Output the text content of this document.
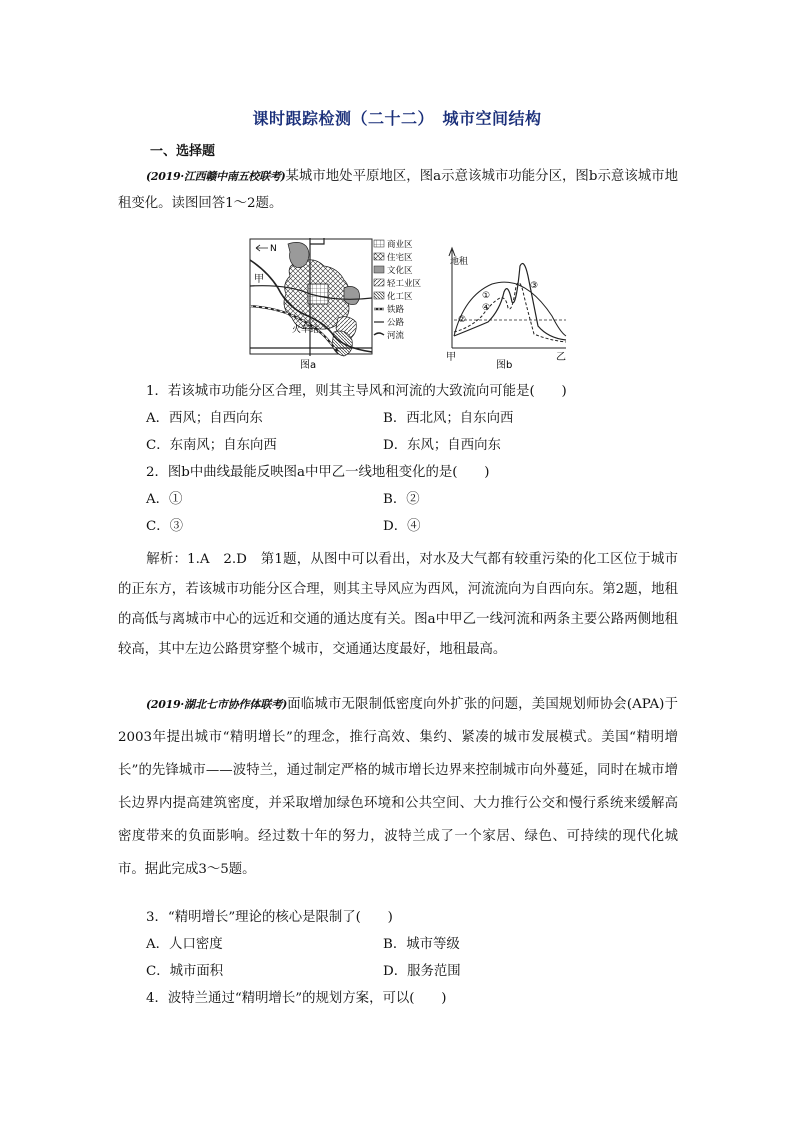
课时跟踪检测（二十二）　城市空间结构
一、选择题
(2019·江西赣中南五校联考)某城市地处平原地区，图a示意该城市功能分区，图b示意该城市地租变化。读图回答1～2题。
N
甲
火车站
图a
商业区
住宅区
文化区
轻工业区
化工区
铁路
公路
河流
地租
①
②
③
④
甲	乙
图b
1．若该城市功能分区合理，则其主导风和河流的大致流向可能是(　　)
A．西风；自西向东	B．西北风；自东向西
C．东南风；自东向西	D．东风；自西向东
2．图b中曲线最能反映图a中甲乙一线地租变化的是(　　)
A．①	B．②
C．③	D．④
解析：1.A　2.D　第1题，从图中可以看出，对水及大气都有较重污染的化工区位于城市的正东方，若该城市功能分区合理，则其主导风应为西风，河流流向为自西向东。第2题，地租的高低与离城市中心的远近和交通的通达度有关。图a中甲乙一线河流和两条主要公路两侧地租较高，其中左边公路贯穿整个城市，交通通达度最好，地租最高。
(2019·湖北七市协作体联考)面临城市无限制低密度向外扩张的问题，美国规划师协会(APA)于2003年提出城市“精明增长”的理念，推行高效、集约、紧凑的城市发展模式。美国“精明增长”的先锋城市——波特兰，通过制定严格的城市增长边界来控制城市向外蔓延，同时在城市增长边界内提高建筑密度，并采取增加绿色环境和公共空间、大力推行公交和慢行系统来缓解高密度带来的负面影响。经过数十年的努力，波特兰成了一个家居、绿色、可持续的现代化城市。据此完成3～5题。
3．“精明增长”理论的核心是限制了(　　)
A．人口密度	B．城市等级
C．城市面积	D．服务范围
4．波特兰通过“精明增长”的规划方案，可以(　　)
